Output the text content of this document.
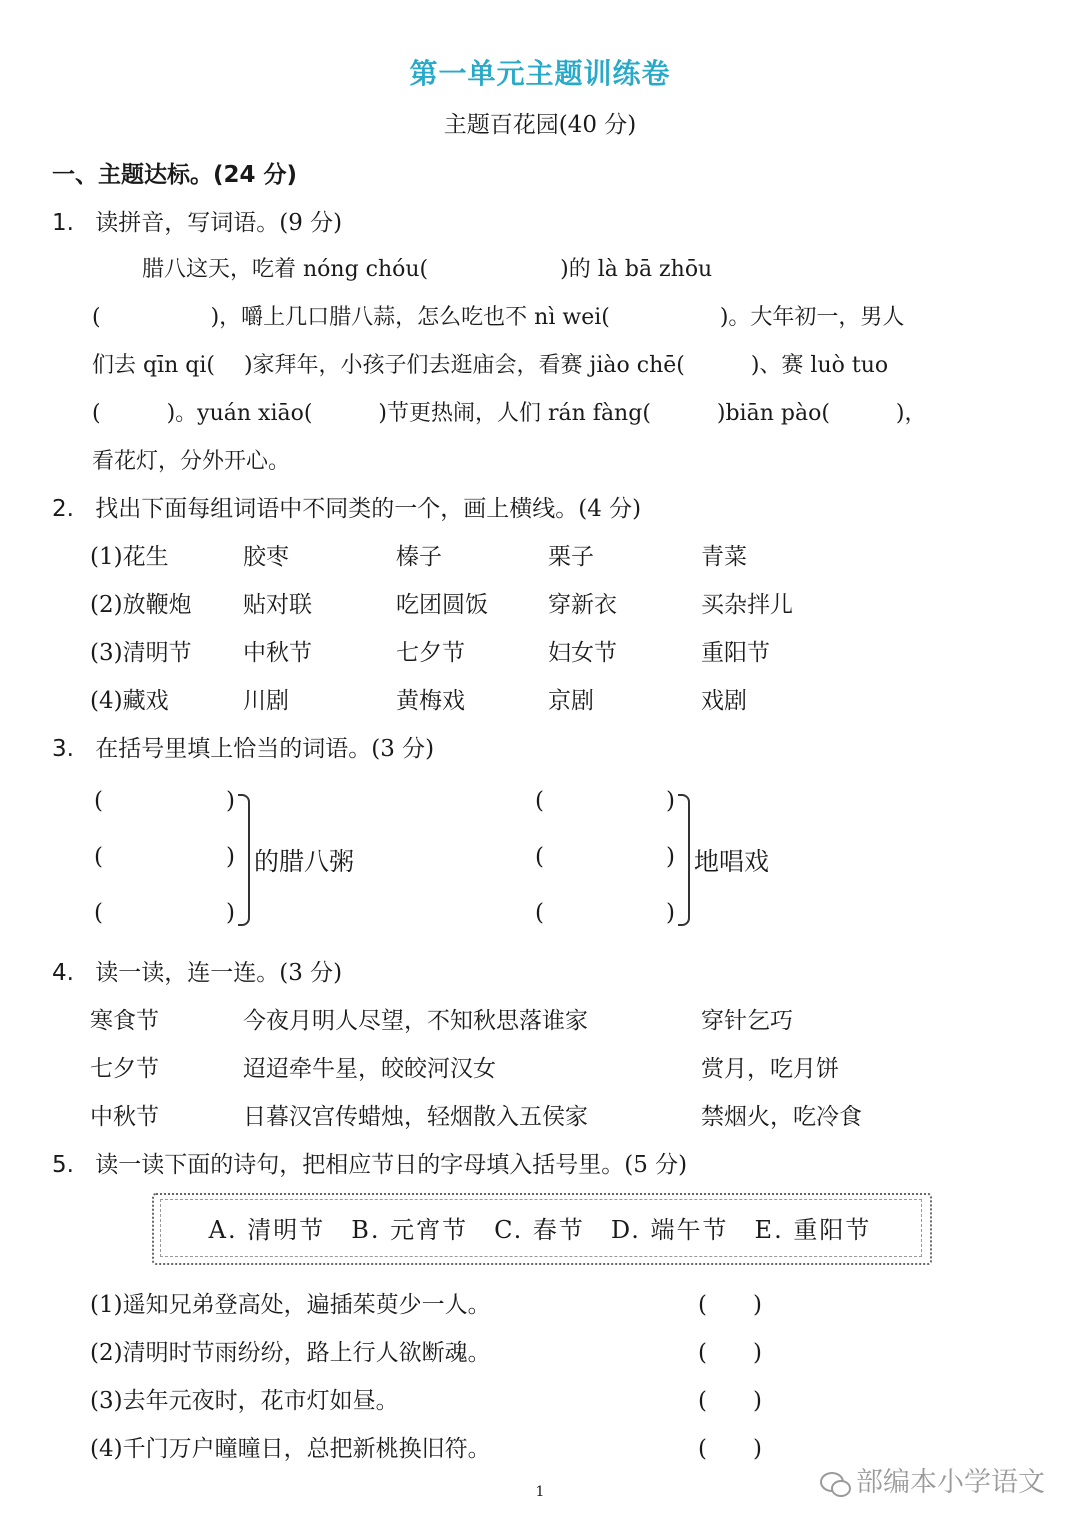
第一单元主题训练卷
主题百花园(40 分)
一、主题达标。(24 分)
1. 读拼音，写词语。(9 分)
腊八这天，吃着 nóng chóu(　　　　　　)的 là bā zhōu
(　　　　　)，嚼上几口腊八蒜，怎么吃也不 nì wei(　　　　　)。大年初一，男人
们去 qīn qi(　 )家拜年，小孩子们去逛庙会，看赛 jiào chē(　　　)、赛 luò tuo
(　　　)。yuán xiāo(　　　)节更热闹，人们 rán fàng(　　　)biān pào(　　　)，
看花灯，分外开心。
2. 找出下面每组词语中不同类的一个，画上横线。(4 分)
(1)花生	胶枣	榛子	栗子	青菜
(2)放鞭炮 贴对联	吃团圆饭	穿新衣	买杂拌儿
(3)清明节 中秋节	七夕节	妇女节	重阳节
(4)藏戏	川剧	黄梅戏	京剧	戏剧
3. 在括号里填上恰当的词语。(3 分)
(	)
(	)
(	)
的腊八粥
(	)
(	)
(	)
地唱戏
4. 读一读，连一连。(3 分)
寒食节	今夜月明人尽望，不知秋思落谁家	穿针乞巧
七夕节	迢迢牵牛星，皎皎河汉女	赏月，吃月饼
中秋节	日暮汉宫传蜡烛，轻烟散入五侯家	禁烟火，吃冷食
5. 读一读下面的诗句，把相应节日的字母填入括号里。(5 分)
A. 清明节　B. 元宵节　C. 春节　D. 端午节　E. 重阳节
(1)遥知兄弟登高处，遍插茱萸少一人。	(　　)
(2)清明时节雨纷纷，路上行人欲断魂。	(　　)
(3)去年元夜时，花市灯如昼。	(　　)
(4)千门万户曈曈日，总把新桃换旧符。	(　　)
1	部编本小学语文
